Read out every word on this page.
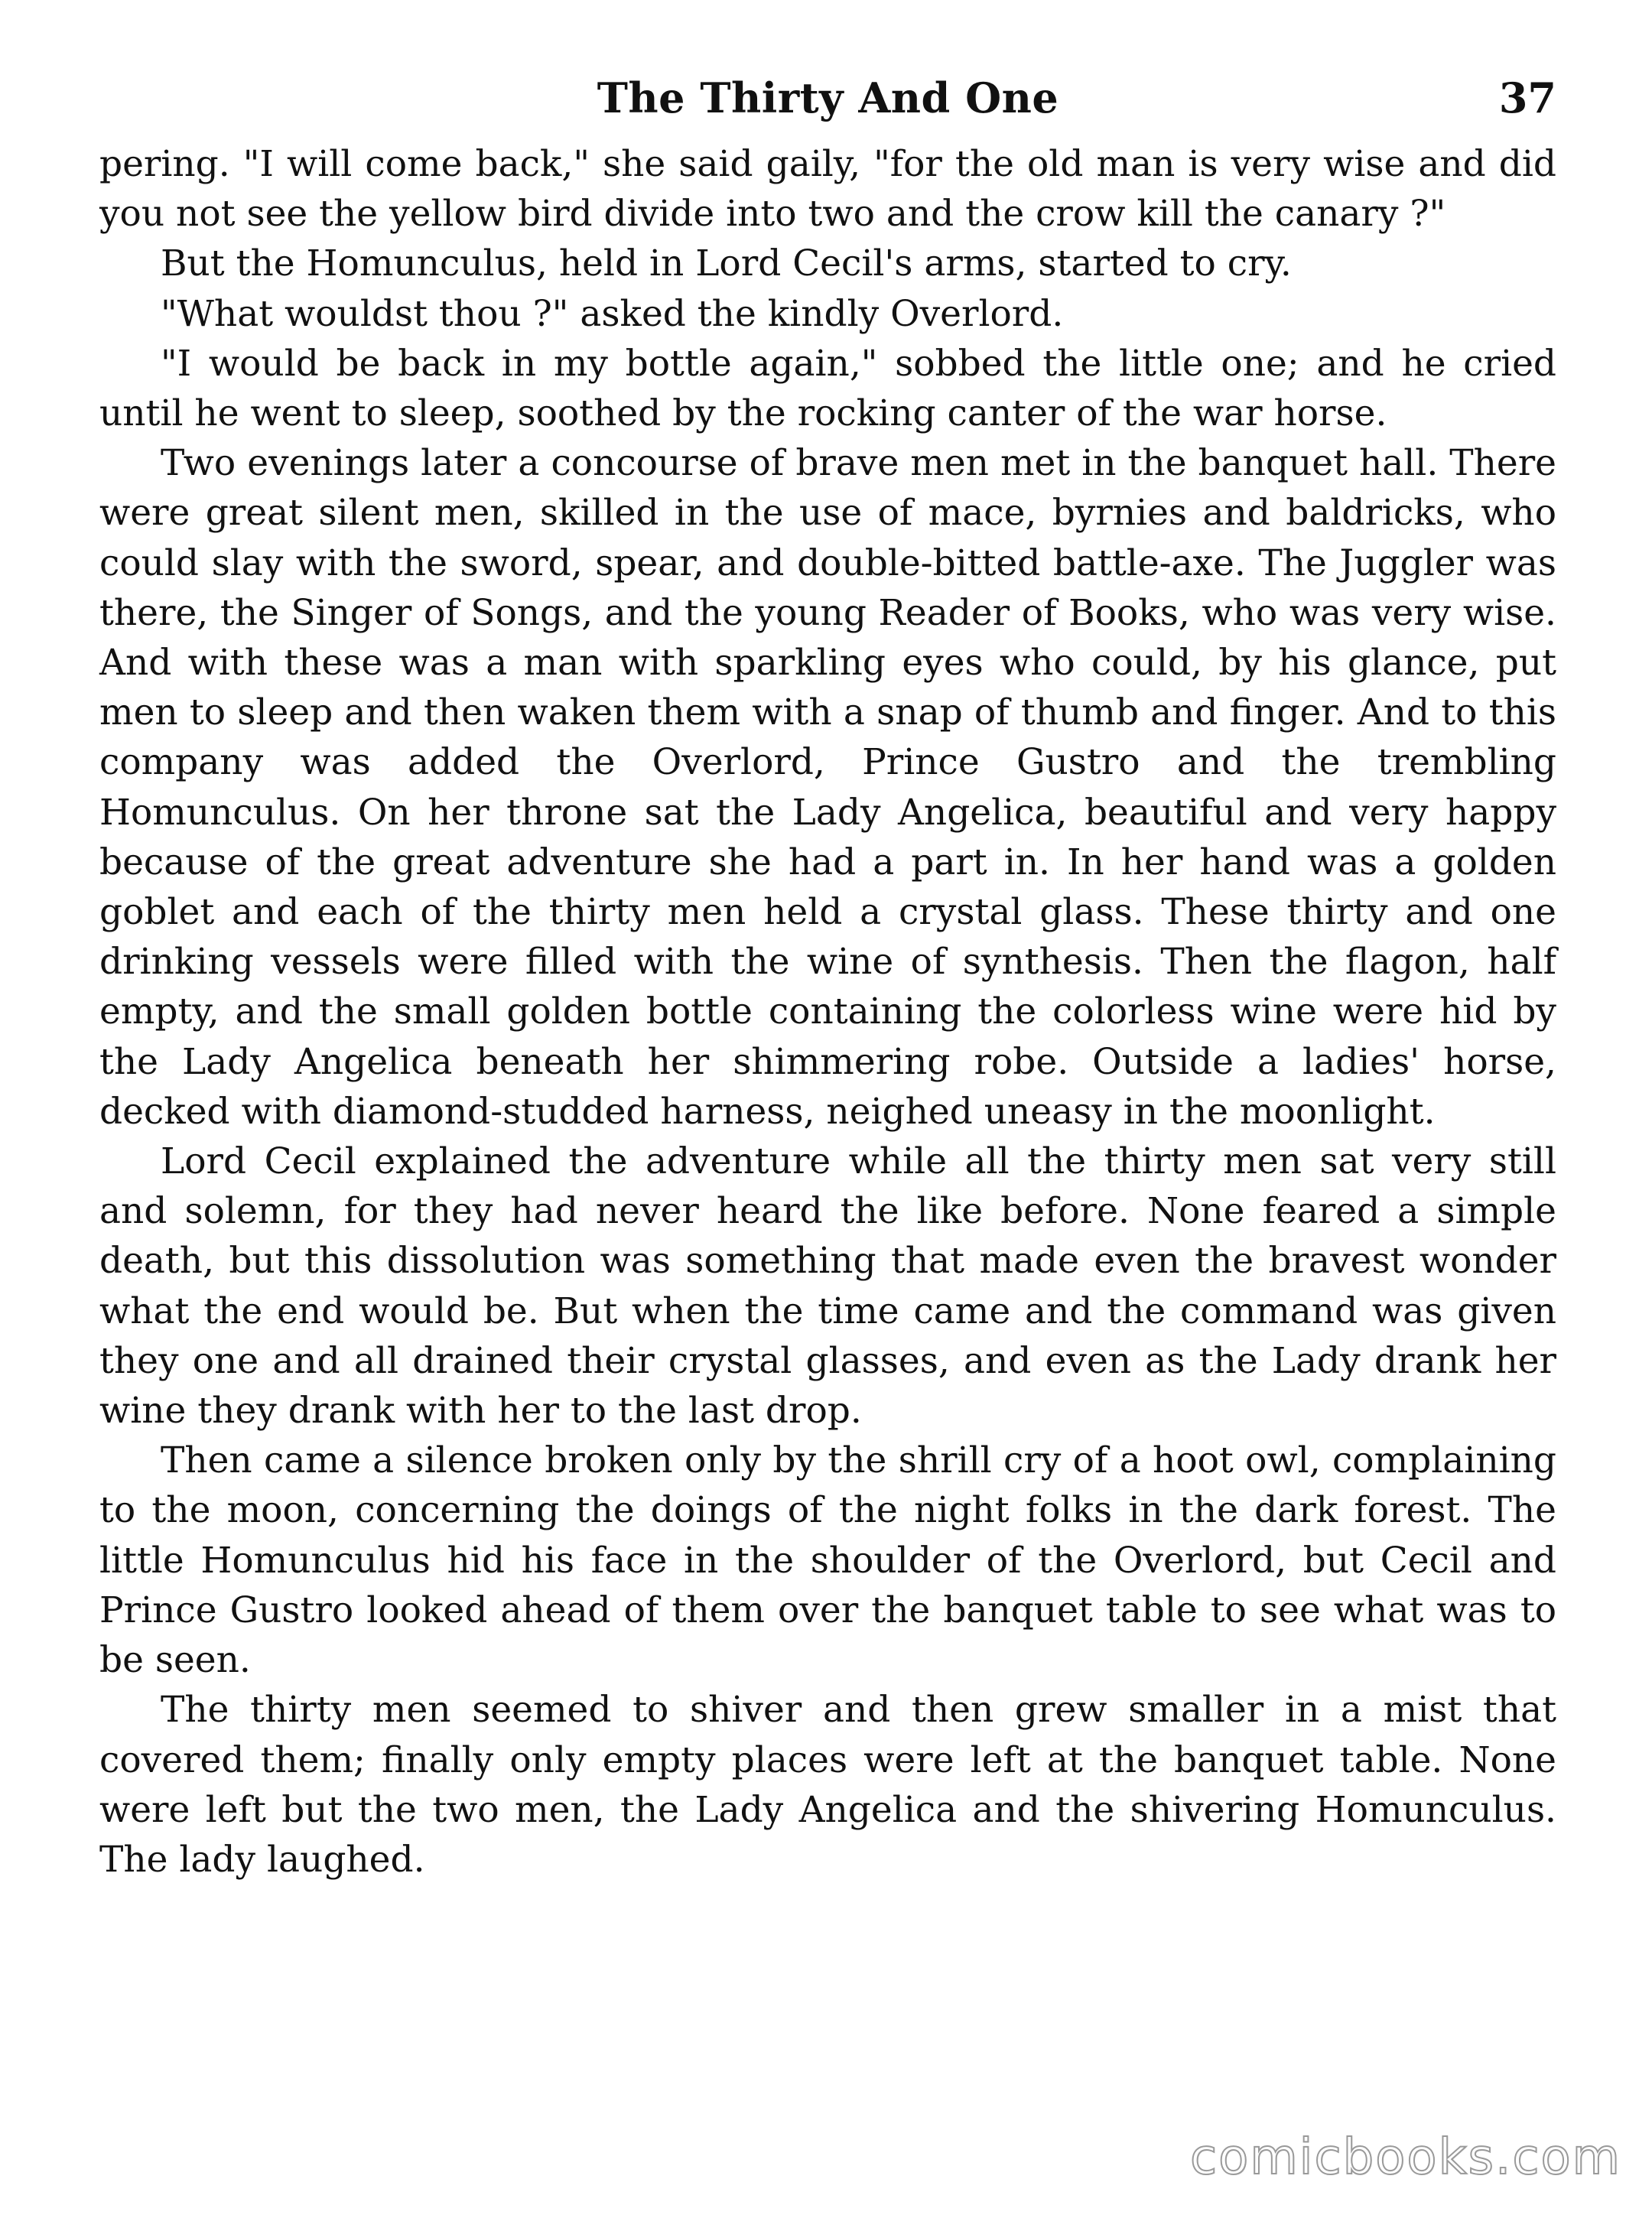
The Thirty And One	37

pering. "I will come back," she said gaily, "for the old man is very wise and did you not see the yellow bird divide into two and the crow kill the canary ?"

But the Homunculus, held in Lord Cecil's arms, started to cry.

"What wouldst thou ?" asked the kindly Overlord.

"I would be back in my bottle again," sobbed the little one; and he cried until he went to sleep, soothed by the rocking canter of the war horse.

Two evenings later a concourse of brave men met in the banquet hall. There were great silent men, skilled in the use of mace, byrnies and baldricks, who could slay with the sword, spear, and double-bitted battle-axe. The Juggler was there, the Singer of Songs, and the young Reader of Books, who was very wise. And with these was a man with sparkling eyes who could, by his glance, put men to sleep and then waken them with a snap of thumb and finger. And to this company was added the Overlord, Prince Gustro and the trembling Homunculus. On her throne sat the Lady Angelica, beautiful and very happy because of the great adventure she had a part in. In her hand was a golden goblet and each of the thirty men held a crystal glass. These thirty and one drinking vessels were filled with the wine of synthesis. Then the flagon, half empty, and the small golden bottle containing the colorless wine were hid by the Lady Angelica beneath her shimmering robe. Outside a ladies' horse, decked with diamond-studded harness, neighed uneasy in the moonlight.

Lord Cecil explained the adventure while all the thirty men sat very still and solemn, for they had never heard the like before. None feared a simple death, but this dissolution was something that made even the bravest wonder what the end would be. But when the time came and the command was given they one and all drained their crystal glasses, and even as the Lady drank her wine they drank with her to the last drop.

Then came a silence broken only by the shrill cry of a hoot owl, complaining to the moon, concerning the doings of the night folks in the dark forest. The little Homunculus hid his face in the shoulder of the Overlord, but Cecil and Prince Gustro looked ahead of them over the banquet table to see what was to be seen.

The thirty men seemed to shiver and then grew smaller in a mist that covered them; finally only empty places were left at the banquet table. None were left but the two men, the Lady Angelica and the shivering Homunculus. The lady laughed.

comicbooks.com
